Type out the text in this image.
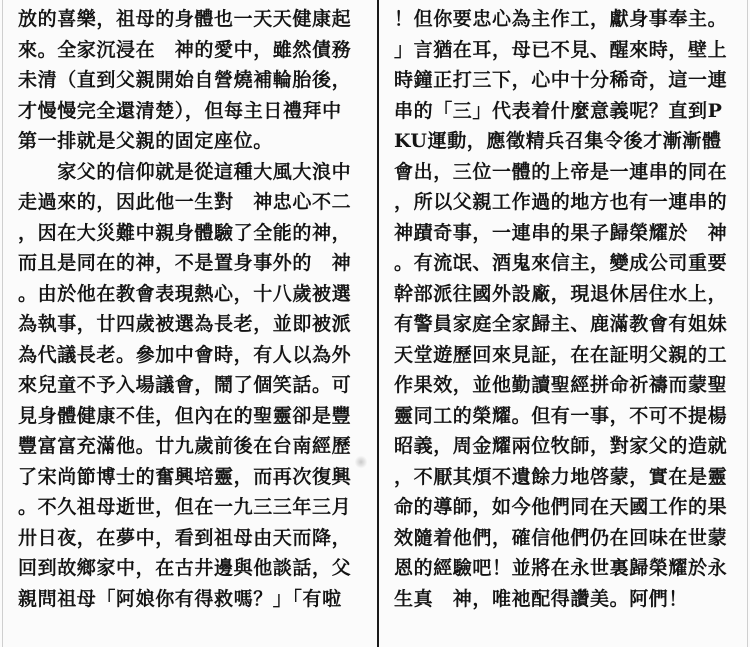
放的喜樂，祖母的身體也一天天健康起
來。全家沉浸在　神的愛中，雖然債務
未清（直到父親開始自營燒補輪胎後，
才慢慢完全還清楚），但每主日禮拜中
第一排就是父親的固定座位。
　　家父的信仰就是從這種大風大浪中
走過來的，因此他一生對　神忠心不二
，因在大災難中親身體驗了全能的神，
而且是同在的神，不是置身事外的　神
。由於他在教會表現熱心，十八歲被選
為執事，廿四歲被選為長老，並即被派
為代議長老。參加中會時，有人以為外
來兒童不予入場議會，鬧了個笑話。可
見身體健康不佳，但內在的聖靈卻是豐
豐富富充滿他。廿九歲前後在台南經歷
了宋尚節博士的奮興培靈，而再次復興
。不久祖母逝世，但在一九三三年三月
卅日夜，在夢中，看到祖母由天而降，
回到故鄉家中，在古井邊與他談話，父
親問祖母「阿娘你有得救嗎？」「有啦
！但你要忠心為主作工，獻身事奉主。
」言猶在耳，母已不見、醒來時，壁上
時鐘正打三下，心中十分稀奇，這一連
串的「三」代表着什麼意義呢？直到P
KU運動，應徵精兵召集令後才漸漸體
會出，三位一體的上帝是一連串的同在
，所以父親工作過的地方也有一連串的
神蹟奇事，一連串的果子歸榮耀於　神
。有流氓、酒鬼來信主，變成公司重要
幹部派往國外設廠，現退休居住水上，
有警員家庭全家歸主、鹿滿教會有姐妹
天堂遊歷回來見証，在在証明父親的工
作果效，並他勤讀聖經拼命祈禱而蒙聖
靈同工的榮耀。但有一事，不可不提楊
昭義，周金耀兩位牧師，對家父的造就
，不厭其煩不遺餘力地啓蒙，實在是靈
命的導師，如今他們同在天國工作的果
效隨着他們，確信他們仍在回味在世蒙
恩的經驗吧！並將在永世裏歸榮耀於永
生真　神，唯祂配得讚美。阿們！
